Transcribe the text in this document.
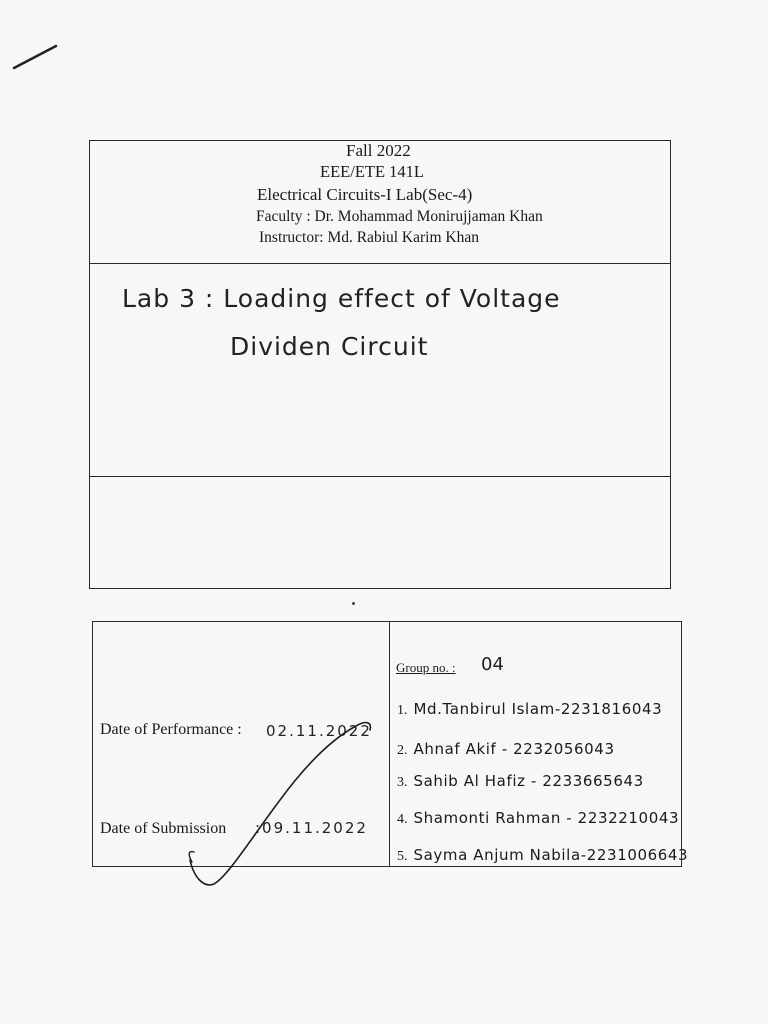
Fall 2022
EEE/ETE 141L
Electrical Circuits-I Lab(Sec-4)
Faculty : Dr. Mohammad Monirujjaman Khan
Instructor: Md. Rabiul Karim Khan
Lab 3 : Loading effect of Voltage
Dividen Circuit
Date of Performance : 02.11.2022
Date of Submission :09.11.2022
Group no. : 04
1. Md.Tanbirul Islam-2231816043
2. Ahnaf Akif - 2232056043
3. Sahib Al Hafiz - 2233665643
4. Shamonti Rahman - 2232210043
5. Sayma Anjum Nabila-2231006643
